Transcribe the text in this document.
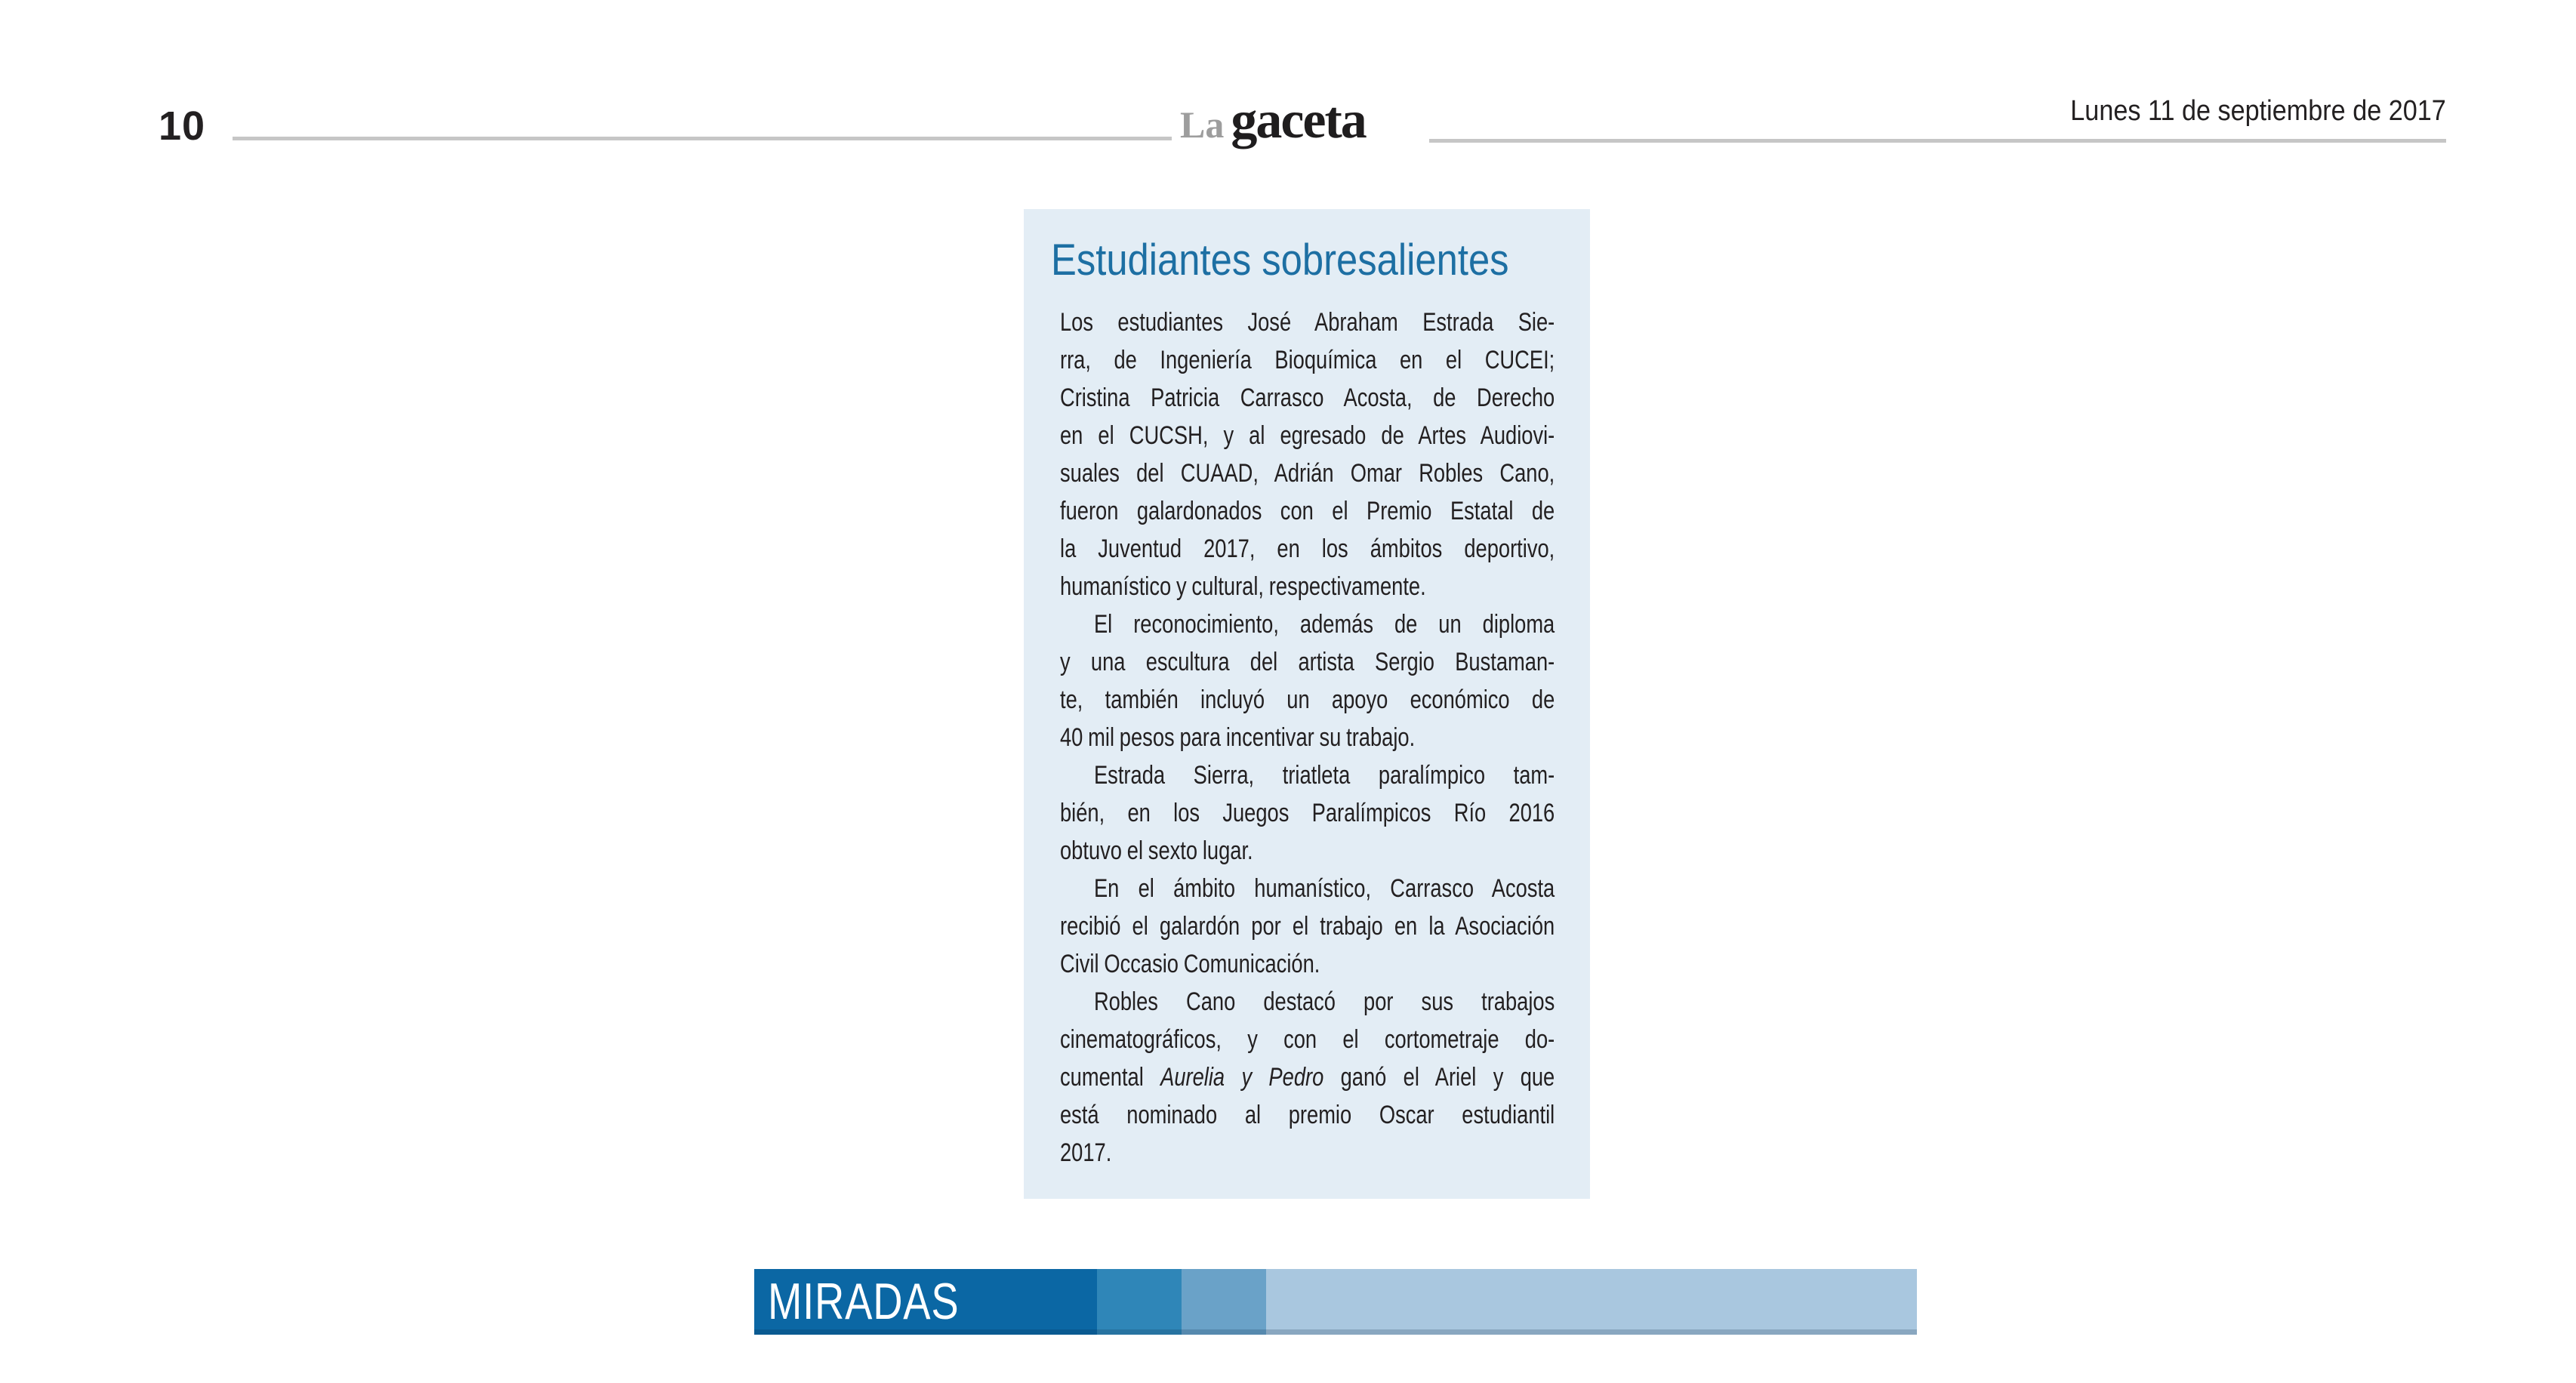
10	La gaceta	Lunes 11 de septiembre de 2017
Estudiantes sobresalientes
Los estudiantes José Abraham Estrada Sie-
rra, de Ingeniería Bioquímica en el CUCEI;
Cristina Patricia Carrasco Acosta, de Derecho
en el CUCSH, y al egresado de Artes Audiovi-
suales del CUAAD, Adrián Omar Robles Cano,
fueron galardonados con el Premio Estatal de
la Juventud 2017, en los ámbitos deportivo,
humanístico y cultural, respectivamente.
El reconocimiento, además de un diploma
y una escultura del artista Sergio Bustaman-
te, también incluyó un apoyo económico de
40 mil pesos para incentivar su trabajo.
Estrada Sierra, triatleta paralímpico tam-
bién, en los Juegos Paralímpicos Río 2016
obtuvo el sexto lugar.
En el ámbito humanístico, Carrasco Acosta
recibió el galardón por el trabajo en la Asociación
Civil Occasio Comunicación.
Robles Cano destacó por sus trabajos
cinematográficos, y con el cortometraje do-
cumental Aurelia y Pedro ganó el Ariel y que
está nominado al premio Oscar estudiantil
2017.
MIRADAS
